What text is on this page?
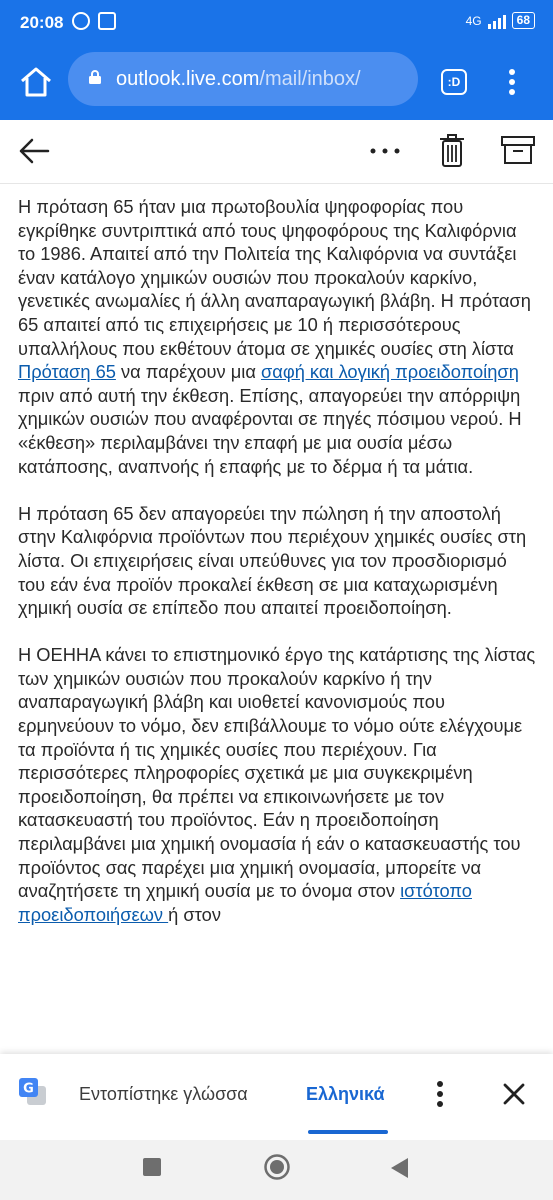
20:08	4G	68
outlook.live.com/mail/inbox/	:D

Η πρόταση 65 ήταν μια πρωτοβουλία ψηφοφορίας που εγκρίθηκε συντριπτικά από τους ψηφοφόρους της Καλιφόρνια το 1986. Απαιτεί από την Πολιτεία της Καλιφόρνια να συντάξει έναν κατάλογο χημικών ουσιών που προκαλούν καρκίνο, γενετικές ανωμαλίες ή άλλη αναπαραγωγική βλάβη. Η πρόταση 65 απαιτεί από τις επιχειρήσεις με 10 ή περισσότερους υπαλλήλους που εκθέτουν άτομα σε χημικές ουσίες στη λίστα Πρόταση 65 να παρέχουν μια σαφή και λογική προειδοποίηση πριν από αυτή την έκθεση. Επίσης, απαγορεύει την απόρριψη χημικών ουσιών που αναφέρονται σε πηγές πόσιμου νερού. Η «έκθεση» περιλαμβάνει την επαφή με μια ουσία μέσω κατάποσης, αναπνοής ή επαφής με το δέρμα ή τα μάτια.

Η πρόταση 65 δεν απαγορεύει την πώληση ή την αποστολή στην Καλιφόρνια προϊόντων που περιέχουν χημικές ουσίες στη λίστα. Οι επιχειρήσεις είναι υπεύθυνες για τον προσδιορισμό του εάν ένα προϊόν προκαλεί έκθεση σε μια καταχωρισμένη χημική ουσία σε επίπεδο που απαιτεί προειδοποίηση.

Η ΟΕΗΗΑ κάνει το επιστημονικό έργο της κατάρτισης της λίστας των χημικών ουσιών που προκαλούν καρκίνο ή την αναπαραγωγική βλάβη και υιοθετεί κανονισμούς που ερμηνεύουν το νόμο, δεν επιβάλλουμε το νόμο ούτε ελέγχουμε τα προϊόντα ή τις χημικές ουσίες που περιέχουν. Για περισσότερες πληροφορίες σχετικά με μια συγκεκριμένη προειδοποίηση, θα πρέπει να επικοινωνήσετε με τον κατασκευαστή του προϊόντος. Εάν η προειδοποίηση περιλαμβάνει μια χημική ονομασία ή εάν ο κατασκευαστής του προϊόντος σας παρέχει μια χημική ονομασία, μπορείτε να αναζητήσετε τη χημική ουσία με το όνομα στον ιστότοπο προειδοποιήσεων ή στον

G	Εντοπίστηκε γλώσσα	Ελληνικά
